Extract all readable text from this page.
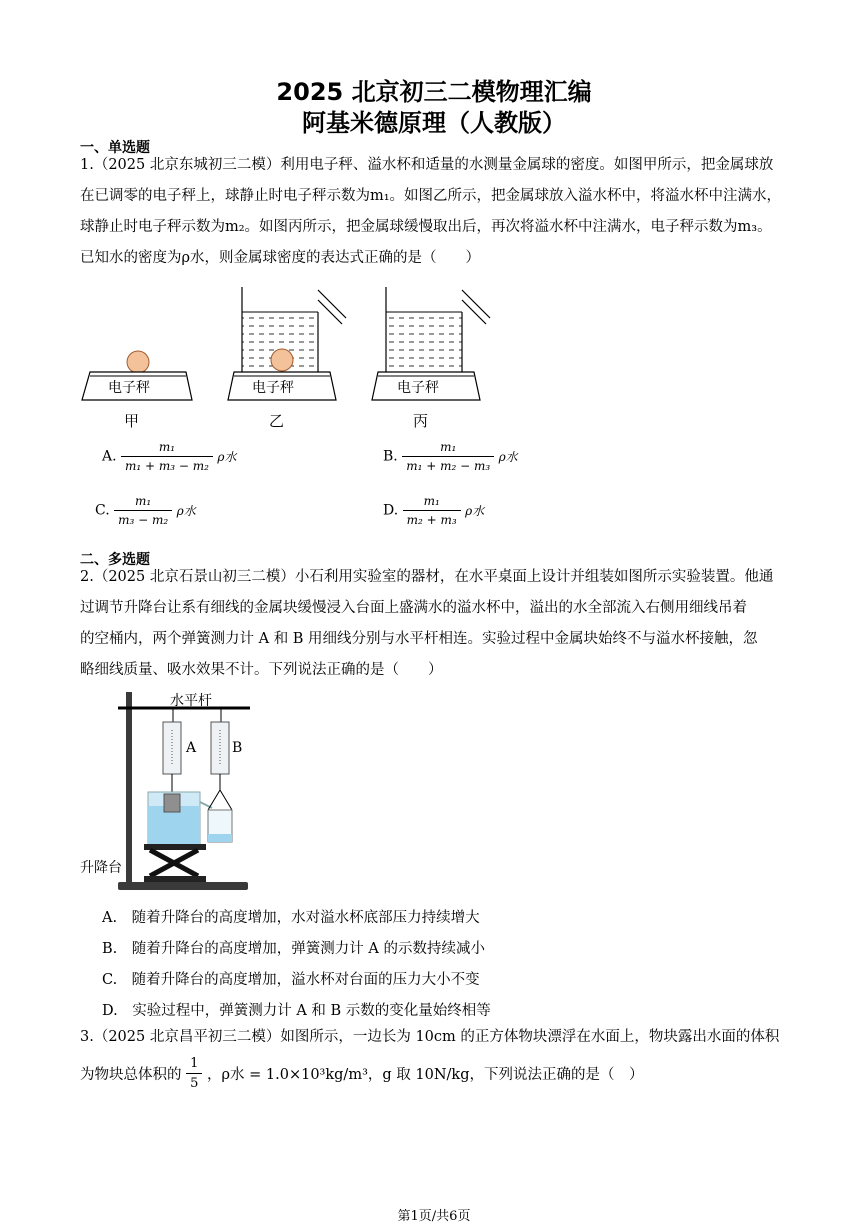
2025 北京初三二模物理汇编
阿基米德原理（人教版）
一、单选题
1.（2025 北京东城初三二模）利用电子秤、溢水杯和适量的水测量金属球的密度。如图甲所示，把金属球放
在已调零的电子秤上，球静止时电子秤示数为m₁。如图乙所示，把金属球放入溢水杯中，将溢水杯中注满水，
球静止时电子秤示数为m₂。如图丙所示，把金属球缓慢取出后，再次将溢水杯中注满水，电子秤示数为m₃。
已知水的密度为ρ水，则金属球密度的表达式正确的是（　　）
电子秤	电子秤	电子秤
甲	乙	丙
A. $\frac{\text{m₁}}{\text{m₁ + m₃ − m₂}}$ ρ水	B. $\frac{\text{m₁}}{\text{m₁ + m₂ − m₃}}$ ρ水
C. $\frac{\text{m₁}}{\text{m₃ − m₂}}$ ρ水	D. $\frac{\text{m₁}}{\text{m₂ + m₃}}$ ρ水
二、多选题
2.（2025 北京石景山初三二模）小石利用实验室的器材，在水平桌面上设计并组装如图所示实验装置。他通
过调节升降台让系有细线的金属块缓慢浸入台面上盛满水的溢水杯中，溢出的水全部流入右侧用细线吊着
的空桶内，两个弹簧测力计 A 和 B 用细线分别与水平杆相连。实验过程中金属块始终不与溢水杯接触，忽
略细线质量、吸水效果不计。下列说法正确的是（　　）
水平杆
A	B
升降台
A.　随着升降台的高度增加，水对溢水杯底部压力持续增大
B.　随着升降台的高度增加，弹簧测力计 A 的示数持续减小
C.　随着升降台的高度增加，溢水杯对台面的压力大小不变
D.　实验过程中，弹簧测力计 A 和 B 示数的变化量始终相等
3.（2025 北京昌平初三二模）如图所示，一边长为 10cm 的正方体物块漂浮在水面上，物块露出水面的体积
为物块总体积的 $\frac{1}{5}$ ，ρ水 = 1.0×10³kg/m³，g 取 10N/kg，下列说法正确的是（　）
第1页/共6页
